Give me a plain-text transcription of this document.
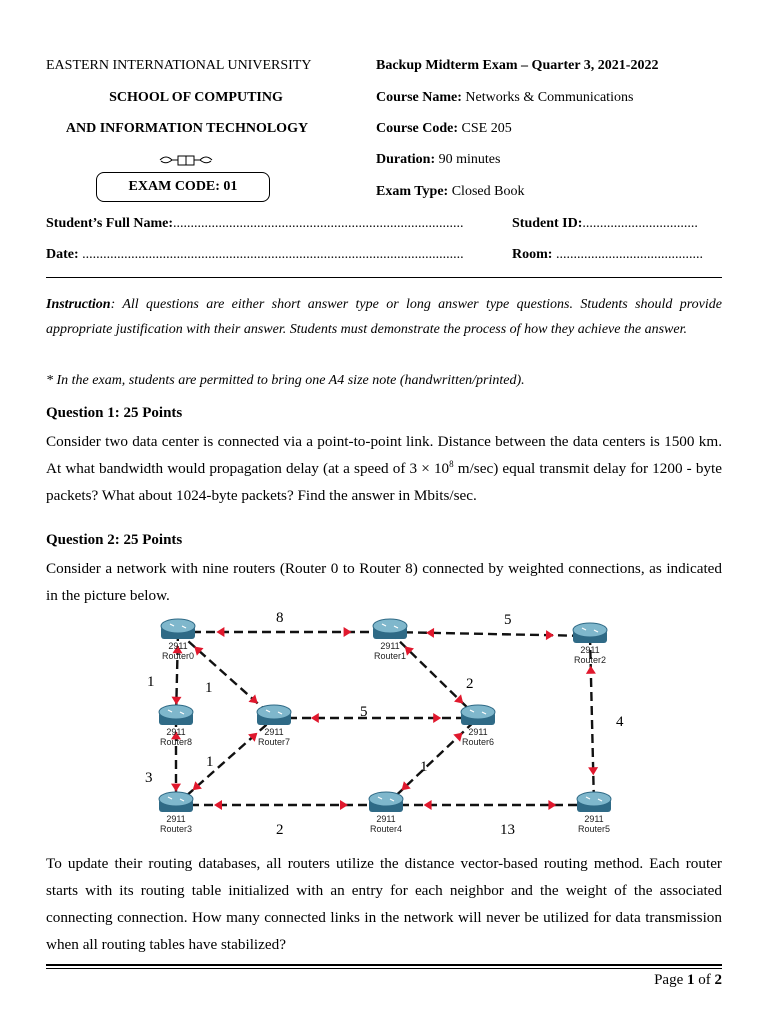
EASTERN INTERNATIONAL UNIVERSITY
SCHOOL OF COMPUTING
AND INFORMATION TECHNOLOGY
EXAM CODE: 01
Backup Midterm Exam – Quarter 3, 2021-2022
Course Name: Networks & Communications
Course Code: CSE 205
Duration: 90 minutes
Exam Type: Closed Book
Student’s Full Name:...................................................................................	Student ID:.................................
Date: .............................................................................................................	Room: ..........................................
Instruction: All questions are either short answer type or long answer type questions. Students should provide appropriate justification with their answer. Students must demonstrate the process of how they achieve the answer.
* In the exam, students are permitted to bring one A4 size note (handwritten/printed).
Question 1: 25 Points
Consider two data center is connected via a point-to-point link. Distance between the data centers is 1500 km. At what bandwidth would propagation delay (at a speed of $3 \times 10^8$ m/sec) equal transmit delay for 1200 - byte packets? What about 1024-byte packets? Find the answer in Mbits/sec.
Question 2: 25 Points
Consider a network with nine routers (Router 0 to Router 8) connected by weighted connections, as indicated in the picture below.
2911
Router0
2911
Router1
2911
Router2
2911
Router3
2911
Router4
2911
Router5
2911
Router6
2911
Router7
2911
Router8
8	5
1	1	2
4
5
3
1	1
2	13
To update their routing databases, all routers utilize the distance vector-based routing method. Each router starts with its routing table initialized with an entry for each neighbor and the weight of the associated connecting connection. How many connected links in the network will never be utilized for data transmission when all routing tables have stabilized?
Page 1 of 2
